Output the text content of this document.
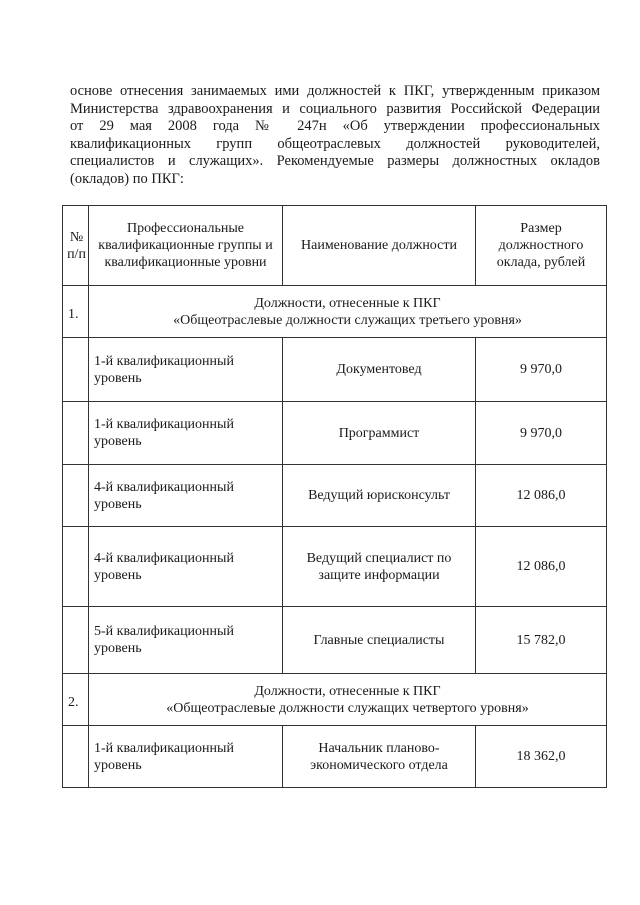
основе отнесения занимаемых ими должностей к ПКГ, утвержденным приказом
Министерства здравоохранения и социального развития Российской Федерации
от 29 мая 2008 года № 247н «Об утверждении профессиональных
квалификационных групп общеотраслевых должностей руководителей,
специалистов и служащих». Рекомендуемые размеры должностных окладов
(окладов) по ПКГ:
№ п/п	Профессиональные квалификационные группы и квалификационные уровни	Наименование должности	Размер должностного оклада, рублей
1.	Должности, отнесенные к ПКГ
«Общеотраслевые должности служащих третьего уровня»		
	1-й квалификационный уровень	Документовед	9 970,0
	1-й квалификационный уровень	Программист	9 970,0
	4-й квалификационный уровень	Ведущий юрисконсульт	12 086,0
	4-й квалификационный уровень	Ведущий специалист по защите информации	12 086,0
	5-й квалификационный уровень	Главные специалисты	15 782,0
2.	Должности, отнесенные к ПКГ
«Общеотраслевые должности служащих четвертого уровня»		
	1-й квалификационный уровень	Начальник планово-экономического отдела	18 362,0
